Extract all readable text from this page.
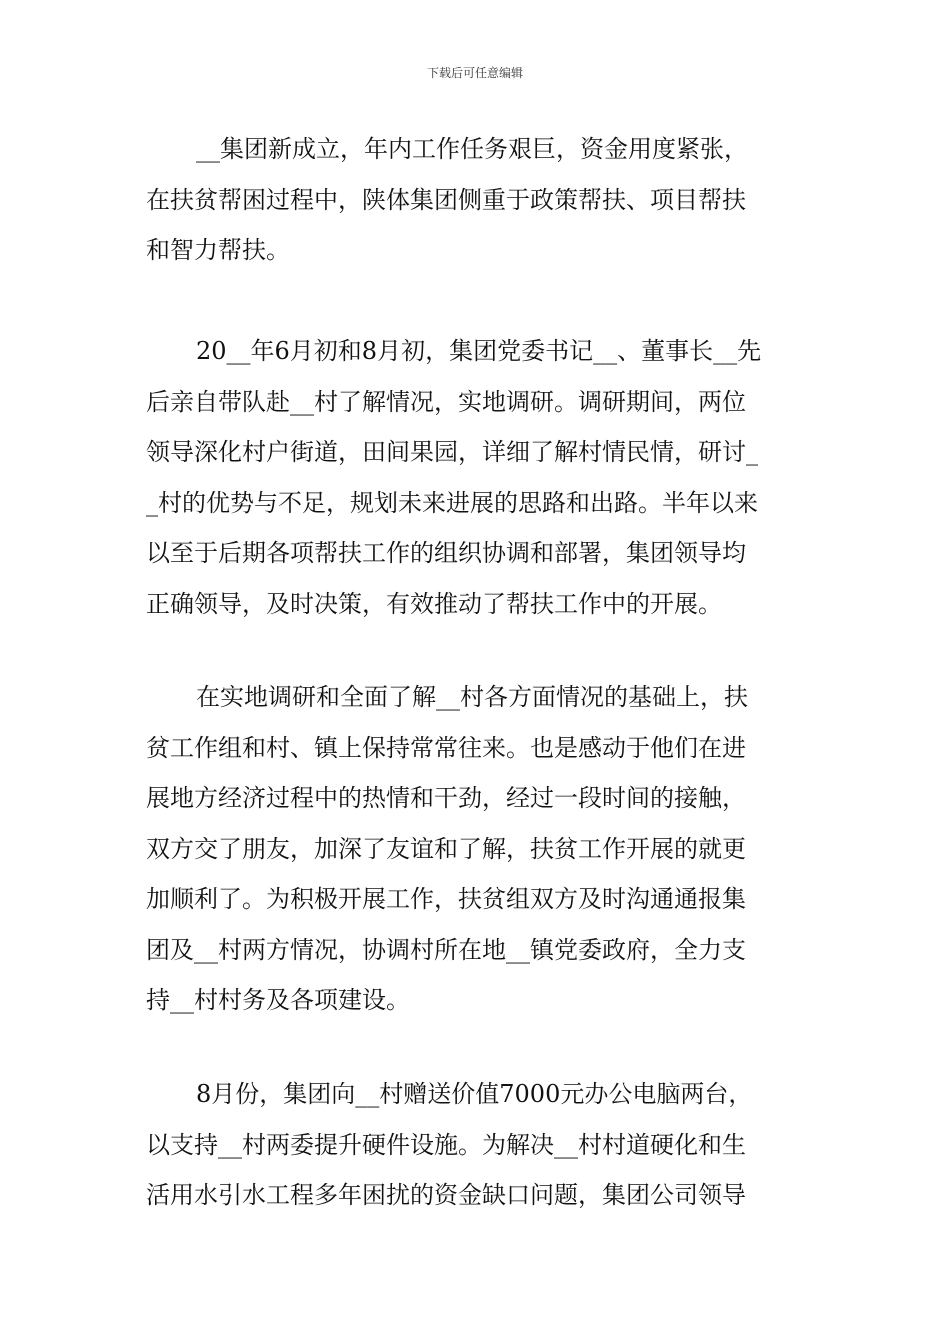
下载后可任意编辑
__集团新成立，年内工作任务艰巨，资金用度紧张，
在扶贫帮困过程中，陕体集团侧重于政策帮扶、项目帮扶
和智力帮扶。
20__年6月初和8月初，集团党委书记__、董事长__先
后亲自带队赴__村了解情况，实地调研。调研期间，两位
领导深化村户街道，田间果园，详细了解村情民情，研讨_
_村的优势与不足，规划未来进展的思路和出路。半年以来
以至于后期各项帮扶工作的组织协调和部署，集团领导均
正确领导，及时决策，有效推动了帮扶工作中的开展。
在实地调研和全面了解__村各方面情况的基础上，扶
贫工作组和村、镇上保持常常往来。也是感动于他们在进
展地方经济过程中的热情和干劲，经过一段时间的接触，
双方交了朋友，加深了友谊和了解，扶贫工作开展的就更
加顺利了。为积极开展工作，扶贫组双方及时沟通通报集
团及__村两方情况，协调村所在地__镇党委政府，全力支
持__村村务及各项建设。
8月份，集团向__村赠送价值7000元办公电脑两台，
以支持__村两委提升硬件设施。为解决__村村道硬化和生
活用水引水工程多年困扰的资金缺口问题，集团公司领导
